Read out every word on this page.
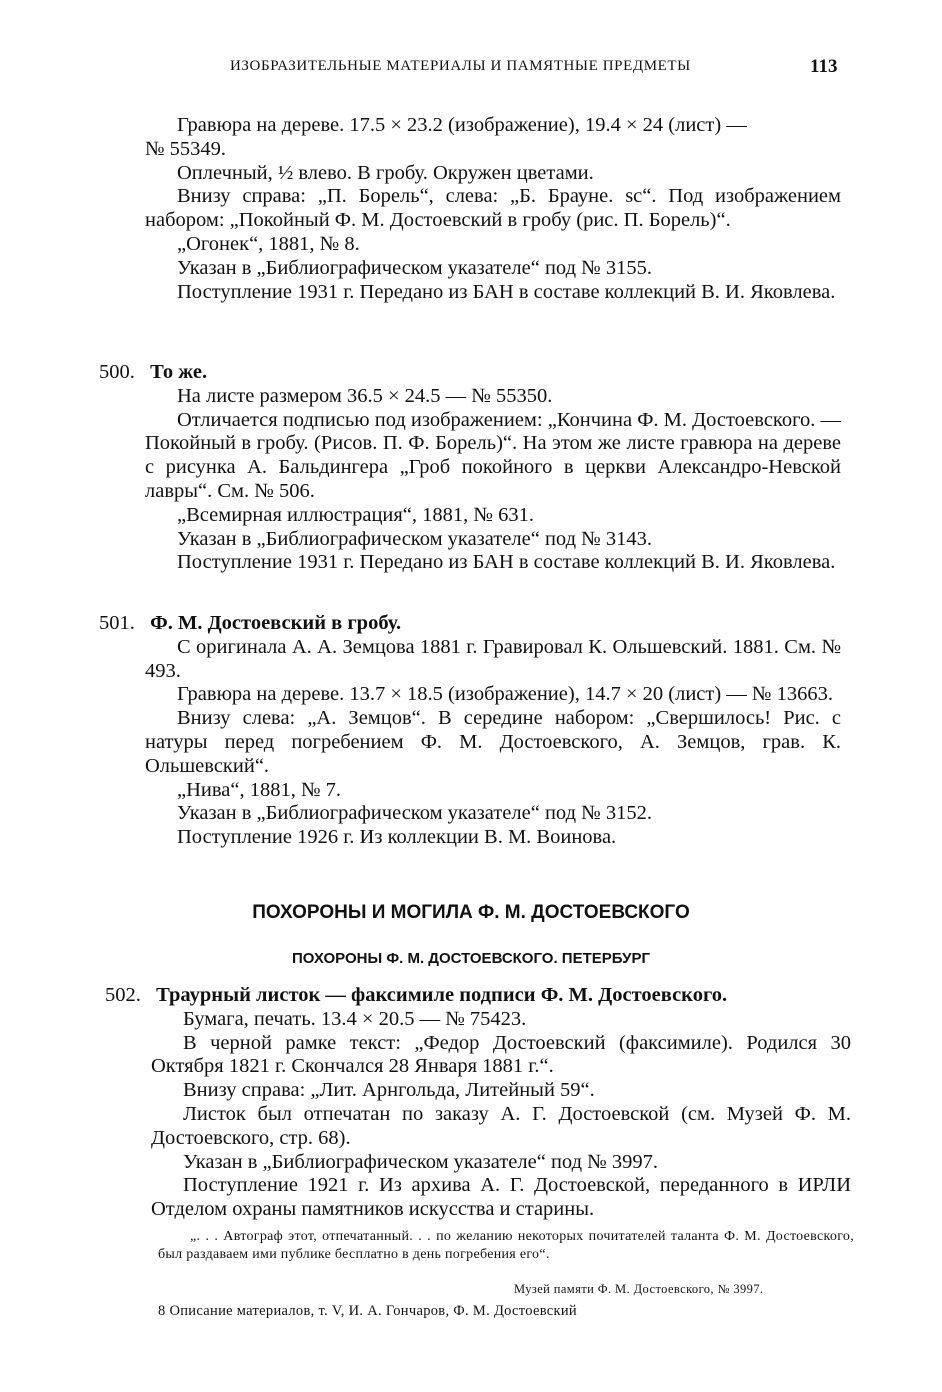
ИЗОБРАЗИТЕЛЬНЫЕ МАТЕРИАЛЫ И ПАМЯТНЫЕ ПРЕДМЕТЫ	113

Гравюра на дереве. 17.5 × 23.2 (изображение), 19.4 × 24 (лист) —

№ 55349.

Оплечный, ½ влево. В гробу. Окружен цветами.

Внизу справа: „П. Борель“, слева: „Б. Брауне. sc“. Под изображением набором: „Покойный Ф. М. Достоевский в гробу (рис. П. Борель)“.

„Огонек“, 1881, № 8.

Указан в „Библиографическом указателе“ под № 3155.

Поступление 1931 г. Передано из БАН в составе коллекций В. И. Яковлева.

500. То же.

На листе размером 36.5 × 24.5 — № 55350.

Отличается подписью под изображением: „Кончина Ф. М. Достоевского. — Покойный в гробу. (Рисов. П. Ф. Борель)“. На этом же листе гравюра на дереве с рисунка А. Бальдингера „Гроб покойного в церкви Александро-Невской лавры“. См. № 506.

„Всемирная иллюстрация“, 1881, № 631.

Указан в „Библиографическом указателе“ под № 3143.

Поступление 1931 г. Передано из БАН в составе коллекций В. И. Яковлева.

501. Ф. М. Достоевский в гробу.

С оригинала А. А. Земцова 1881 г. Гравировал К. Ольшевский. 1881. См. № 493.

Гравюра на дереве. 13.7 × 18.5 (изображение), 14.7 × 20 (лист) — № 13663.

Внизу слева: „А. Земцов“. В середине набором: „Свершилось! Рис. с натуры перед погребением Ф. М. Достоевского, А. Земцов, грав. К. Ольшевский“.

„Нива“, 1881, № 7.

Указан в „Библиографическом указателе“ под № 3152.

Поступление 1926 г. Из коллекции В. М. Воинова.

ПОХОРОНЫ И МОГИЛА Ф. М. ДОСТОЕВСКОГО
ПОХОРОНЫ Ф. М. ДОСТОЕВСКОГО. ПЕТЕРБУРГ

502. Траурный листок — факсимиле подписи Ф. М. Достоевского.

Бумага, печать. 13.4 × 20.5 — № 75423.

В черной рамке текст: „Федор Достоевский (факсимиле). Родился 30 Октября 1821 г. Скончался 28 Января 1881 г.“.

Внизу справа: „Лит. Арнгольда, Литейный 59“.

Листок был отпечатан по заказу А. Г. Достоевской (см. Музей Ф. М. Достоевского, стр. 68).

Указан в „Библиографическом указателе“ под № 3997.

Поступление 1921 г. Из архива А. Г. Достоевской, переданного в ИРЛИ Отделом охраны памятников искусства и старины.

„. . . Автограф этот, отпечатанный. . . по желанию некоторых почитателей таланта Ф. М. Достоевского, был раздаваем ими публике бесплатно в день погребения его“.

Музей памяти Ф. М. Достоевского, № 3997.
8 Описание материалов, т. V, И. А. Гончаров, Ф. М. Достоевский
